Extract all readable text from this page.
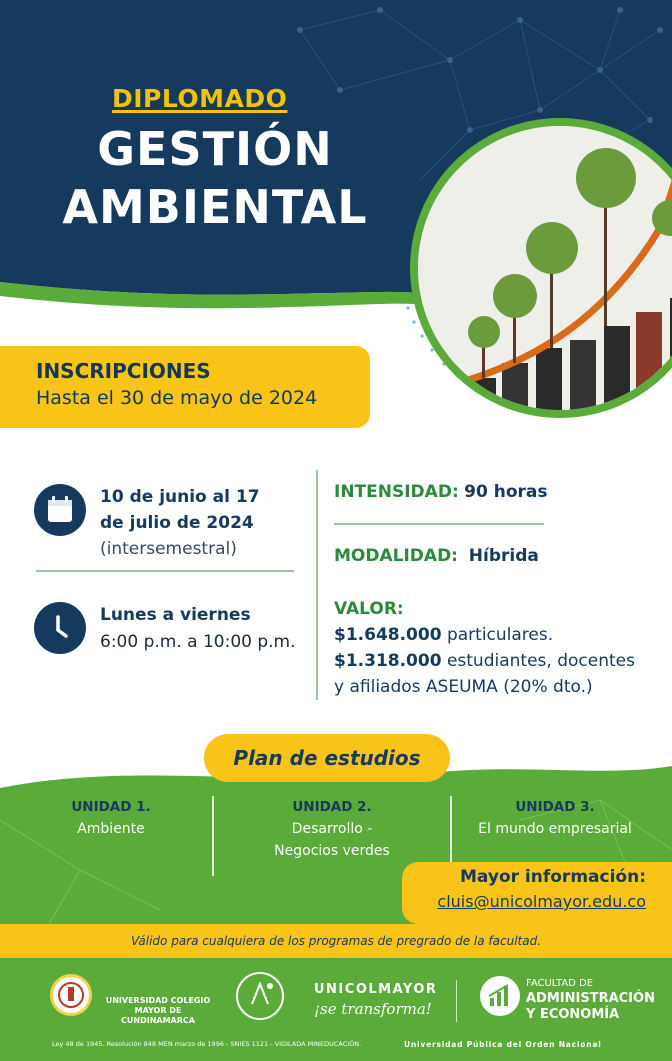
DIPLOMADO
GESTIÓN
AMBIENTAL
INSCRIPCIONES
Hasta el 30 de mayo de 2024
10 de junio al 17
de julio de 2024
(intersemestral)
Lunes a viernes
6:00 p.m. a 10:00 p.m.
INTENSIDAD: 90 horas
MODALIDAD: Híbrida
VALOR:
$1.648.000 particulares.
$1.318.000 estudiantes, docentes
y afiliados ASEUMA (20% dto.)
Plan de estudios
UNIDAD 1.
Ambiente
UNIDAD 2.
Desarrollo -
Negocios verdes
UNIDAD 3.
El mundo empresarial
Mayor información:
cluis@unicolmayor.edu.co
Válido para cualquiera de los programas de pregrado de la facultad.
UNIVERSIDAD COLEGIO
MAYOR DE CUNDINAMARCA
UNICOLMAYOR
¡se transforma!
FACULTAD DE
ADMINISTRACIÓN
Y ECONOMÍA
Ley 48 de 1945. Resolución 848 MEN marzo de 1996 - SNIES 1121 - VIGILADA MINEDUCACIÓN.	Universidad Pública del Orden Nacional
